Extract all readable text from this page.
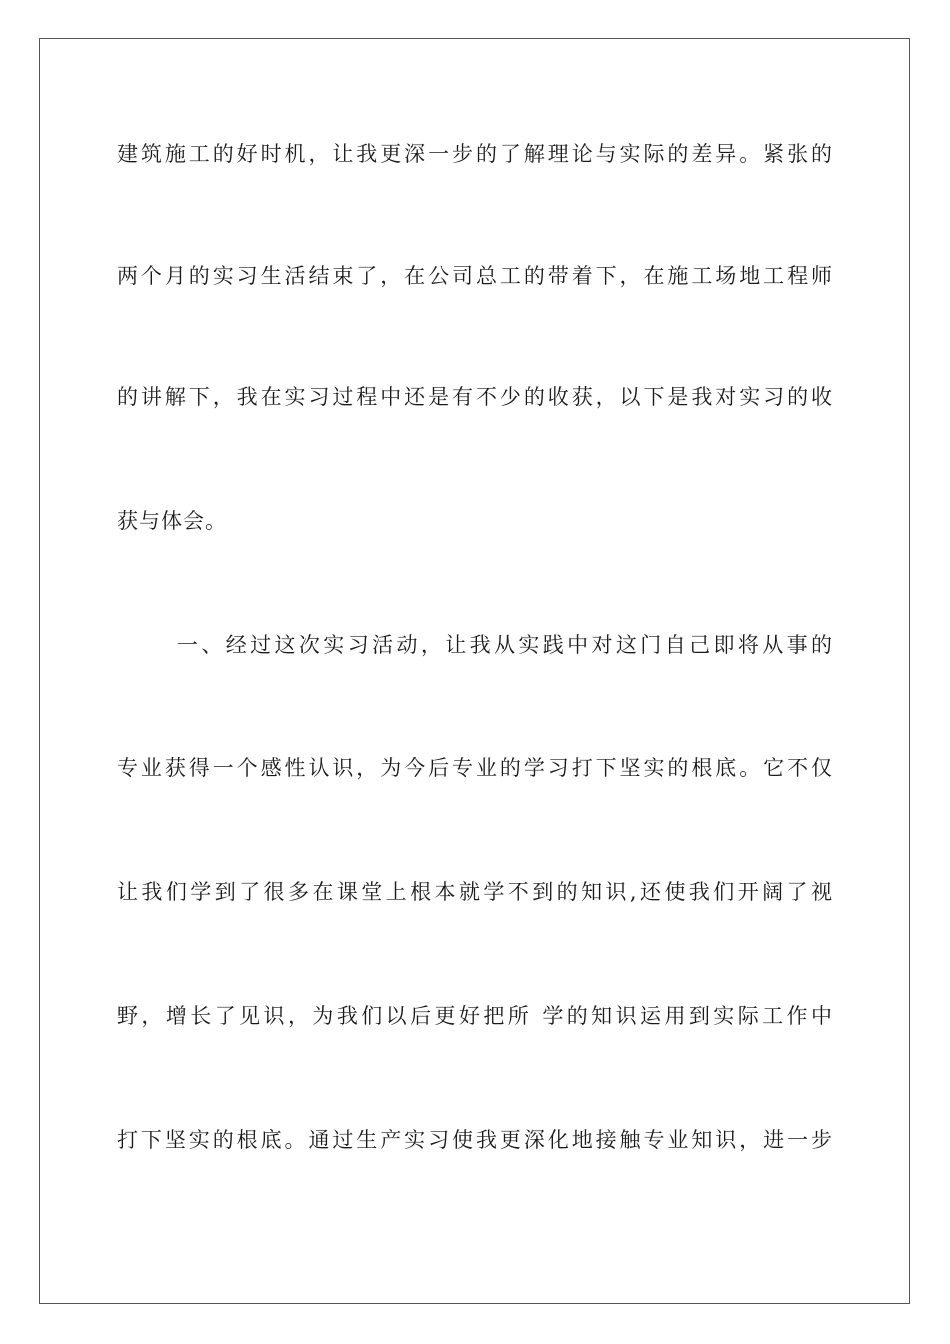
建筑施工的好时机，让我更深一步的了解理论与实际的差异。紧张的
两个月的实习生活结束了，在公司总工的带着下，在施工场地工程师
的讲解下，我在实习过程中还是有不少的收获，以下是我对实习的收
获与体会。
一、经过这次实习活动，让我从实践中对这门自己即将从事的
专业获得一个感性认识，为今后专业的学习打下坚实的根底。它不仅
让我们学到了很多在课堂上根本就学不到的知识,还使我们开阔了视
野，增长了见识，为我们以后更好把所 学的知识运用到实际工作中
打下坚实的根底。通过生产实习使我更深化地接触专业知识，进一步
